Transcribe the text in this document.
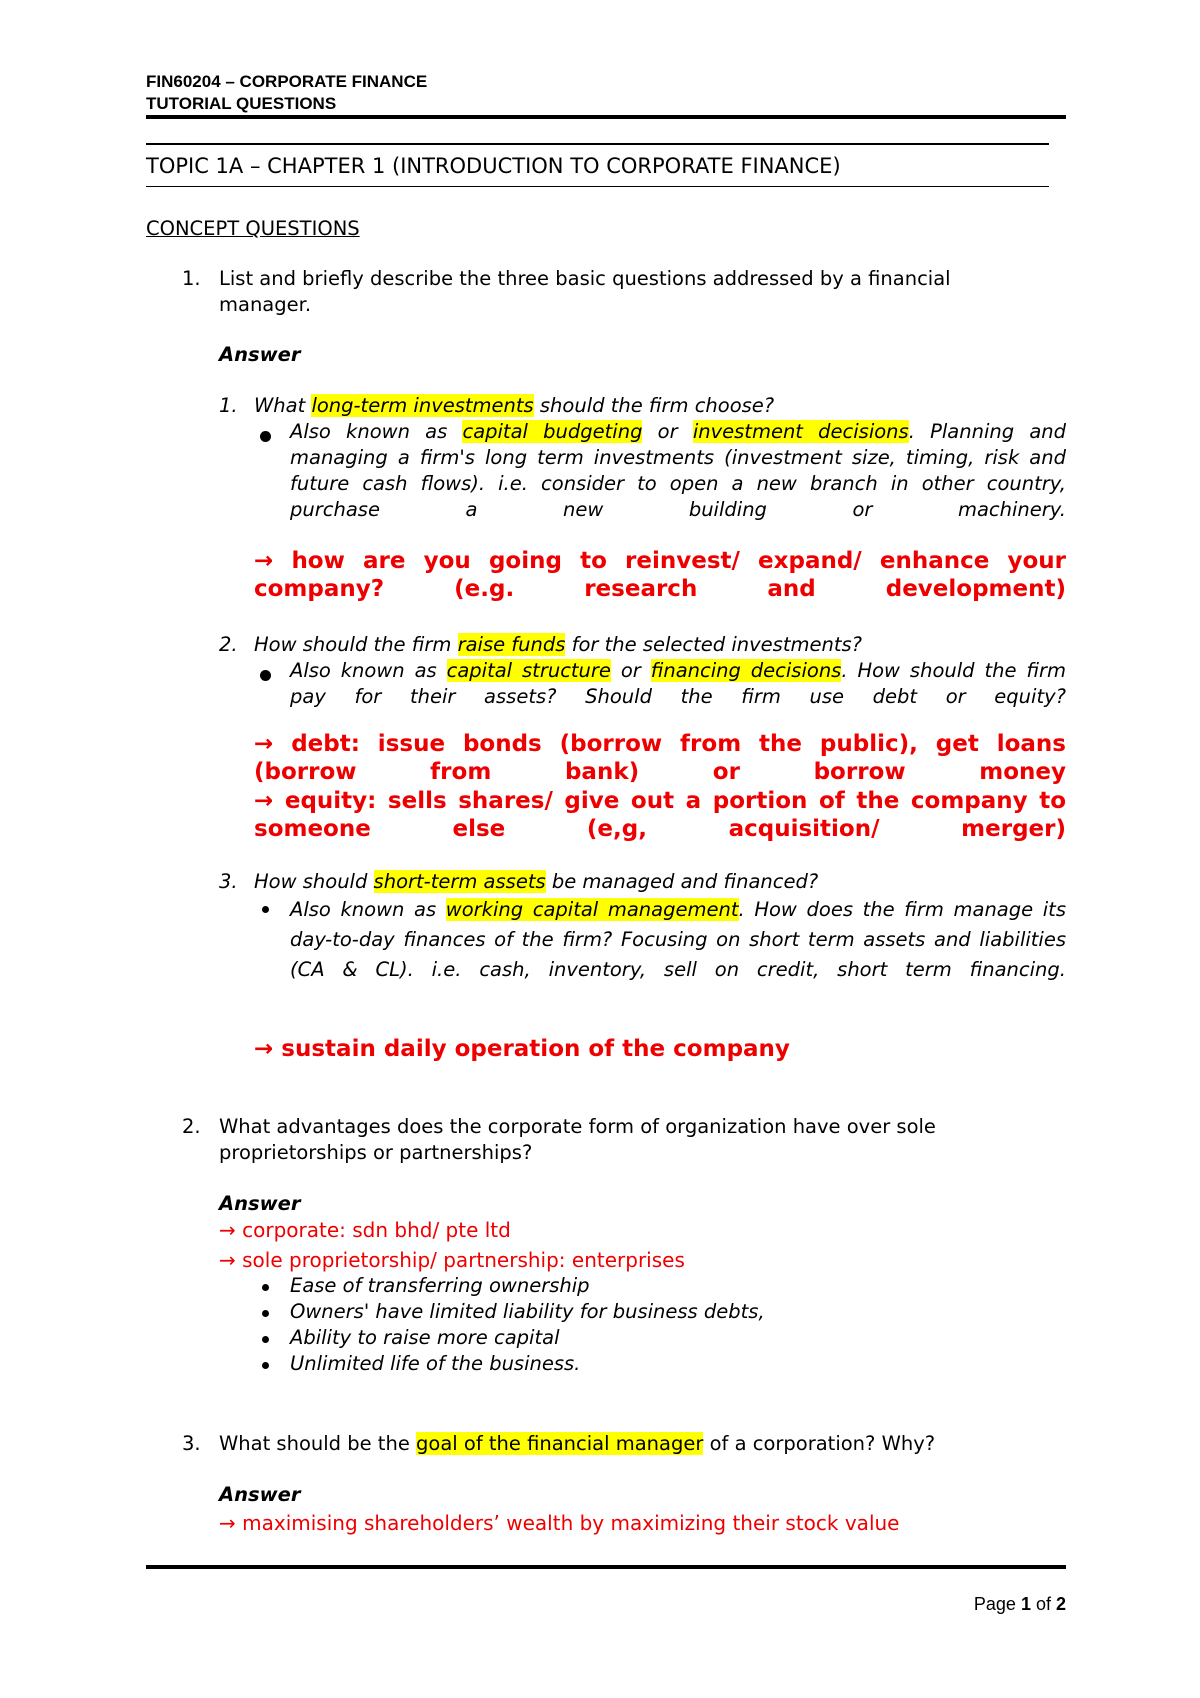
FIN60204 – CORPORATE FINANCE
TUTORIAL QUESTIONS
TOPIC 1A – CHAPTER 1 (INTRODUCTION TO CORPORATE FINANCE)
CONCEPT QUESTIONS
1. List and briefly describe the three basic questions addressed by a financial
manager.
Answer
1. What long-term investments should the firm choose?
Also known as capital budgeting or investment decisions. Planning and managing a firm's long term investments (investment size, timing, risk and future cash flows). i.e. consider to open a new branch in other country, purchase a new building or machinery.
→ how are you going to reinvest/ expand/ enhance your company? (e.g. research and development)
2. How should the firm raise funds for the selected investments?
Also known as capital structure or financing decisions. How should the firm pay for their assets? Should the firm use debt or equity?
→ debt: issue bonds (borrow from the public), get loans (borrow from bank) or borrow money
→ equity: sells shares/ give out a portion of the company to someone else (e,g, acquisition/ merger)
3. How should short-term assets be managed and financed?
Also known as working capital management. How does the firm manage its day-to-day finances of the firm? Focusing on short term assets and liabilities (CA & CL). i.e. cash, inventory, sell on credit, short term financing.
→ sustain daily operation of the company
2. What advantages does the corporate form of organization have over sole
proprietorships or partnerships?
Answer
→ corporate: sdn bhd/ pte ltd
→ sole proprietorship/ partnership: enterprises
Ease of transferring ownership
Owners' have limited liability for business debts,
Ability to raise more capital
Unlimited life of the business.
3. What should be the goal of the financial manager of a corporation? Why?
Answer
→ maximising shareholders’ wealth by maximizing their stock value
Page 1 of 2
